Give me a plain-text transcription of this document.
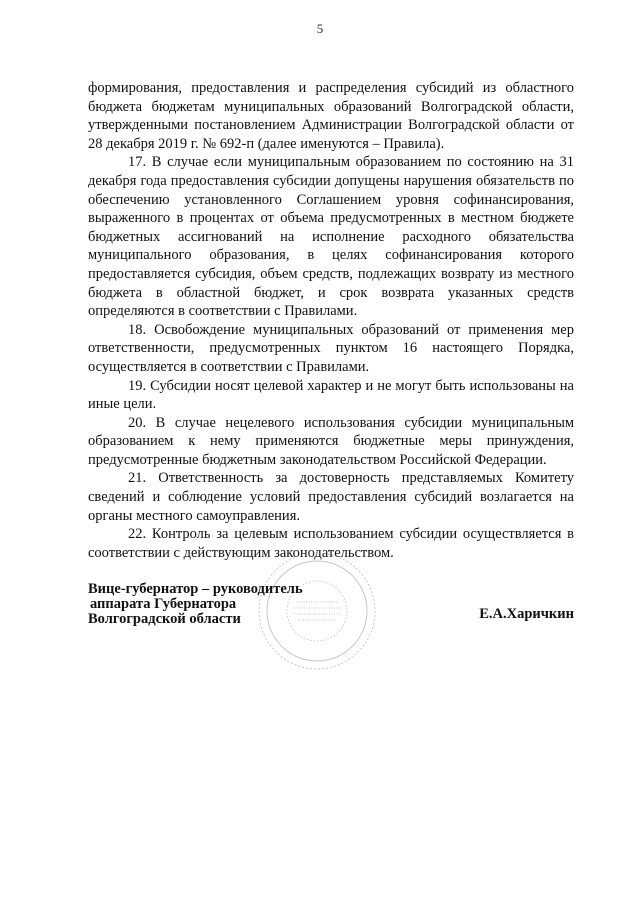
5

формирования, предоставления и распределения субсидий из областного бюджета бюджетам муниципальных образований Волгоградской области, утвержденными постановлением Администрации Волгоградской области от 28 декабря 2019 г. № 692-п (далее именуются – Правила).

17. В случае если муниципальным образованием по состоянию на 31 декабря года предоставления субсидии допущены нарушения обязательств по обеспечению установленного Соглашением уровня софинансирования, выраженного в процентах от объема предусмотренных в местном бюджете бюджетных ассигнований на исполнение расходного обязательства муниципального образования, в целях софинансирования которого предоставляется субсидия, объем средств, подлежащих возврату из местного бюджета в областной бюджет, и срок возврата указанных средств определяются в соответствии с Правилами.

18. Освобождение муниципальных образований от применения мер ответственности, предусмотренных пунктом 16 настоящего Порядка, осуществляется в соответствии с Правилами.

19. Субсидии носят целевой характер и не могут быть использованы на иные цели.

20. В случае нецелевого использования субсидии муниципальным образованием к нему применяются бюджетные меры принуждения, предусмотренные бюджетным законодательством Российской Федерации.

21. Ответственность за достоверность представляемых Комитету сведений и соблюдение условий предоставления субсидий возлагается на органы местного самоуправления.

22. Контроль за целевым использованием субсидии осуществляется в соответствии с действующим законодательством.

Вице-губернатор – руководитель
аппарата Губернатора
Волгоградской области	Е.А.Харичкин
